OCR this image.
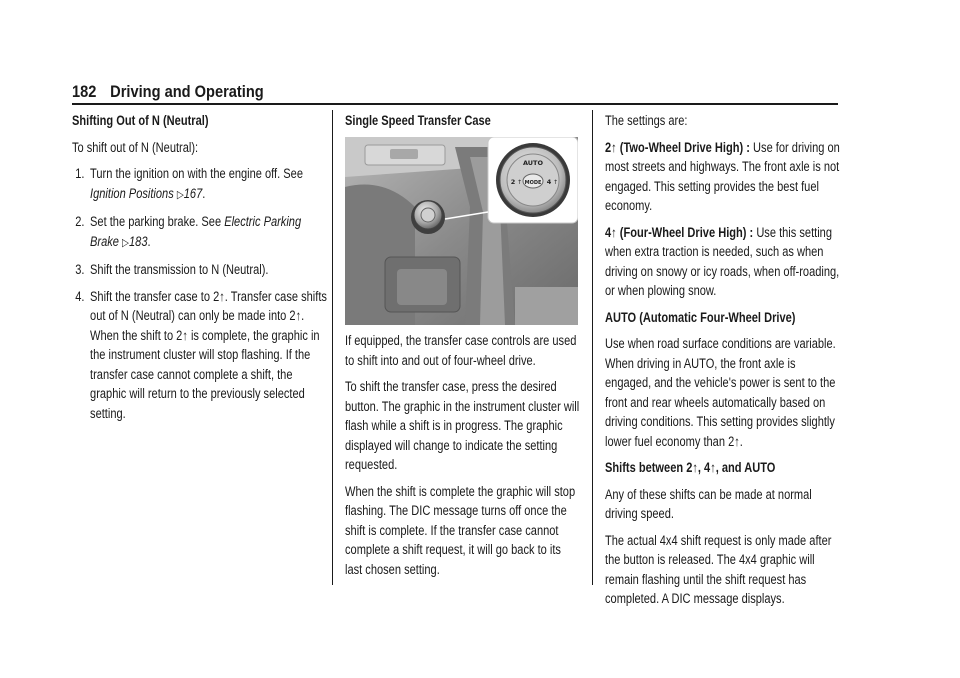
182 Driving and Operating

Shifting Out of N (Neutral)

To shift out of N (Neutral):

1. Turn the ignition on with the engine off. See Ignition Positions ▷167.
2. Set the parking brake. See Electric Parking Brake ▷183.
3. Shift the transmission to N (Neutral).
4. Shift the transfer case to 2↑. Transfer case shifts out of N (Neutral) can only be made into 2↑. When the shift to 2↑ is complete, the graphic in the instrument cluster will stop flashing. If the transfer case cannot complete a shift, the graphic will return to the previously selected setting.

Single Speed Transfer Case

AUTO
MODE
2 ↑	4 ↑

If equipped, the transfer case controls are used to shift into and out of four-wheel drive.

To shift the transfer case, press the desired button. The graphic in the instrument cluster will flash while a shift is in progress. The graphic displayed will change to indicate the setting requested.

When the shift is complete the graphic will stop flashing. The DIC message turns off once the shift is complete. If the transfer case cannot complete a shift request, it will go back to its last chosen setting.

The settings are:

2↑ (Two-Wheel Drive High) : Use for driving on most streets and highways. The front axle is not engaged. This setting provides the best fuel economy.

4↑ (Four-Wheel Drive High) : Use this setting when extra traction is needed, such as when driving on snowy or icy roads, when off-roading, or when plowing snow.

AUTO (Automatic Four-Wheel Drive)

Use when road surface conditions are variable. When driving in AUTO, the front axle is engaged, and the vehicle's power is sent to the front and rear wheels automatically based on driving conditions. This setting provides slightly lower fuel economy than 2↑.

Shifts between 2↑, 4↑, and AUTO

Any of these shifts can be made at normal driving speed.

The actual 4x4 shift request is only made after the button is released. The 4x4 graphic will remain flashing until the shift request has completed. A DIC message displays.
